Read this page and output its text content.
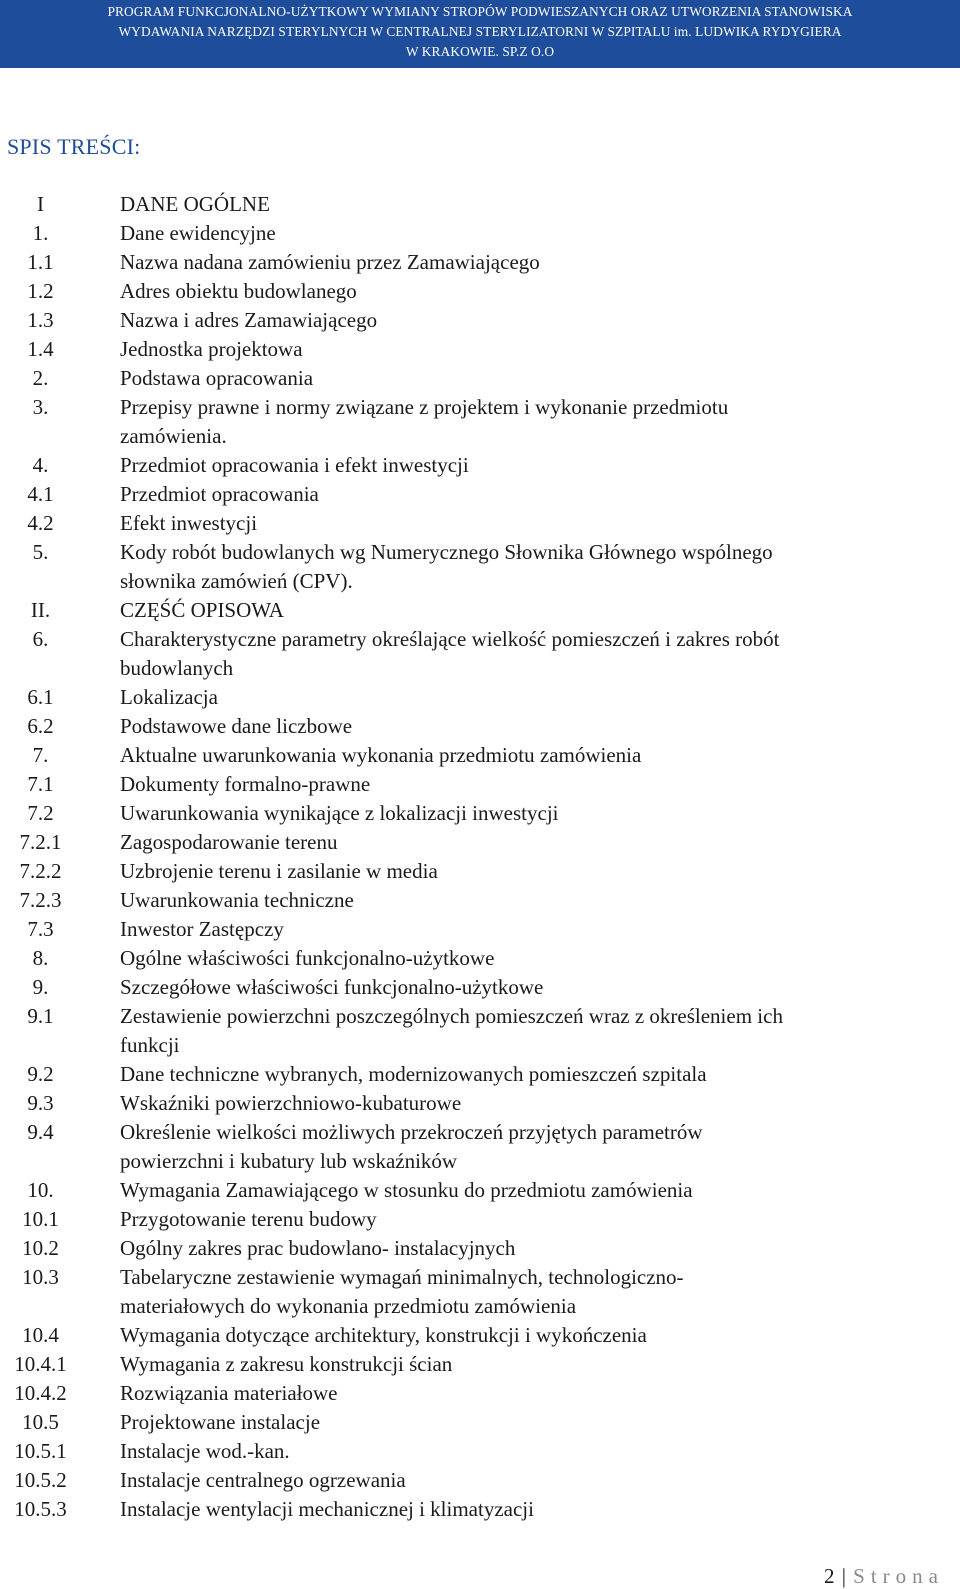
PROGRAM FUNKCJONALNO-UŻYTKOWY WYMIANY STROPÓW PODWIESZANYCH ORAZ UTWORZENIA STANOWISKA
WYDAWANIA NARZĘDZI STERYLNYCH W CENTRALNEJ STERYLIZATORNI W SZPITALU im. LUDWIKA RYDYGIERA
W KRAKOWIE. SP.Z O.O
SPIS TREŚCI:
I	DANE OGÓLNE
1.	Dane ewidencyjne
1.1	Nazwa nadana zamówieniu przez Zamawiającego
1.2	Adres obiektu budowlanego
1.3	Nazwa i adres Zamawiającego
1.4	Jednostka projektowa
2.	Podstawa opracowania
3.	Przepisy prawne i normy związane z projektem i wykonanie przedmiotu
zamówienia.
4.	Przedmiot opracowania i efekt inwestycji
4.1	Przedmiot opracowania
4.2	Efekt inwestycji
5.	Kody robót budowlanych wg Numerycznego Słownika Głównego wspólnego
słownika zamówień (CPV).
II.	CZĘŚĆ OPISOWA
6.	Charakterystyczne parametry określające wielkość pomieszczeń i zakres robót
budowlanych
6.1	Lokalizacja
6.2	Podstawowe dane liczbowe
7.	Aktualne uwarunkowania wykonania przedmiotu zamówienia
7.1	Dokumenty formalno-prawne
7.2	Uwarunkowania wynikające z lokalizacji inwestycji
7.2.1	Zagospodarowanie terenu
7.2.2	Uzbrojenie terenu i zasilanie w media
7.2.3	Uwarunkowania techniczne
7.3	Inwestor Zastępczy
8.	Ogólne właściwości funkcjonalno-użytkowe
9.	Szczegółowe właściwości funkcjonalno-użytkowe
9.1	Zestawienie powierzchni poszczególnych pomieszczeń wraz z określeniem ich
funkcji
9.2	Dane techniczne wybranych, modernizowanych pomieszczeń szpitala
9.3	Wskaźniki powierzchniowo-kubaturowe
9.4	Określenie wielkości możliwych przekroczeń przyjętych parametrów
powierzchni i kubatury lub wskaźników
10.	Wymagania Zamawiającego w stosunku do przedmiotu zamówienia
10.1	Przygotowanie terenu budowy
10.2	Ogólny zakres prac budowlano- instalacyjnych
10.3	Tabelaryczne zestawienie wymagań minimalnych, technologiczno-
materiałowych do wykonania przedmiotu zamówienia
10.4	Wymagania dotyczące architektury, konstrukcji i wykończenia
10.4.1	Wymagania z zakresu konstrukcji ścian
10.4.2	Rozwiązania materiałowe
10.5	Projektowane instalacje
10.5.1	Instalacje wod.-kan.
10.5.2	Instalacje centralnego ogrzewania
10.5.3	Instalacje wentylacji mechanicznej i klimatyzacji
2 | Strona
